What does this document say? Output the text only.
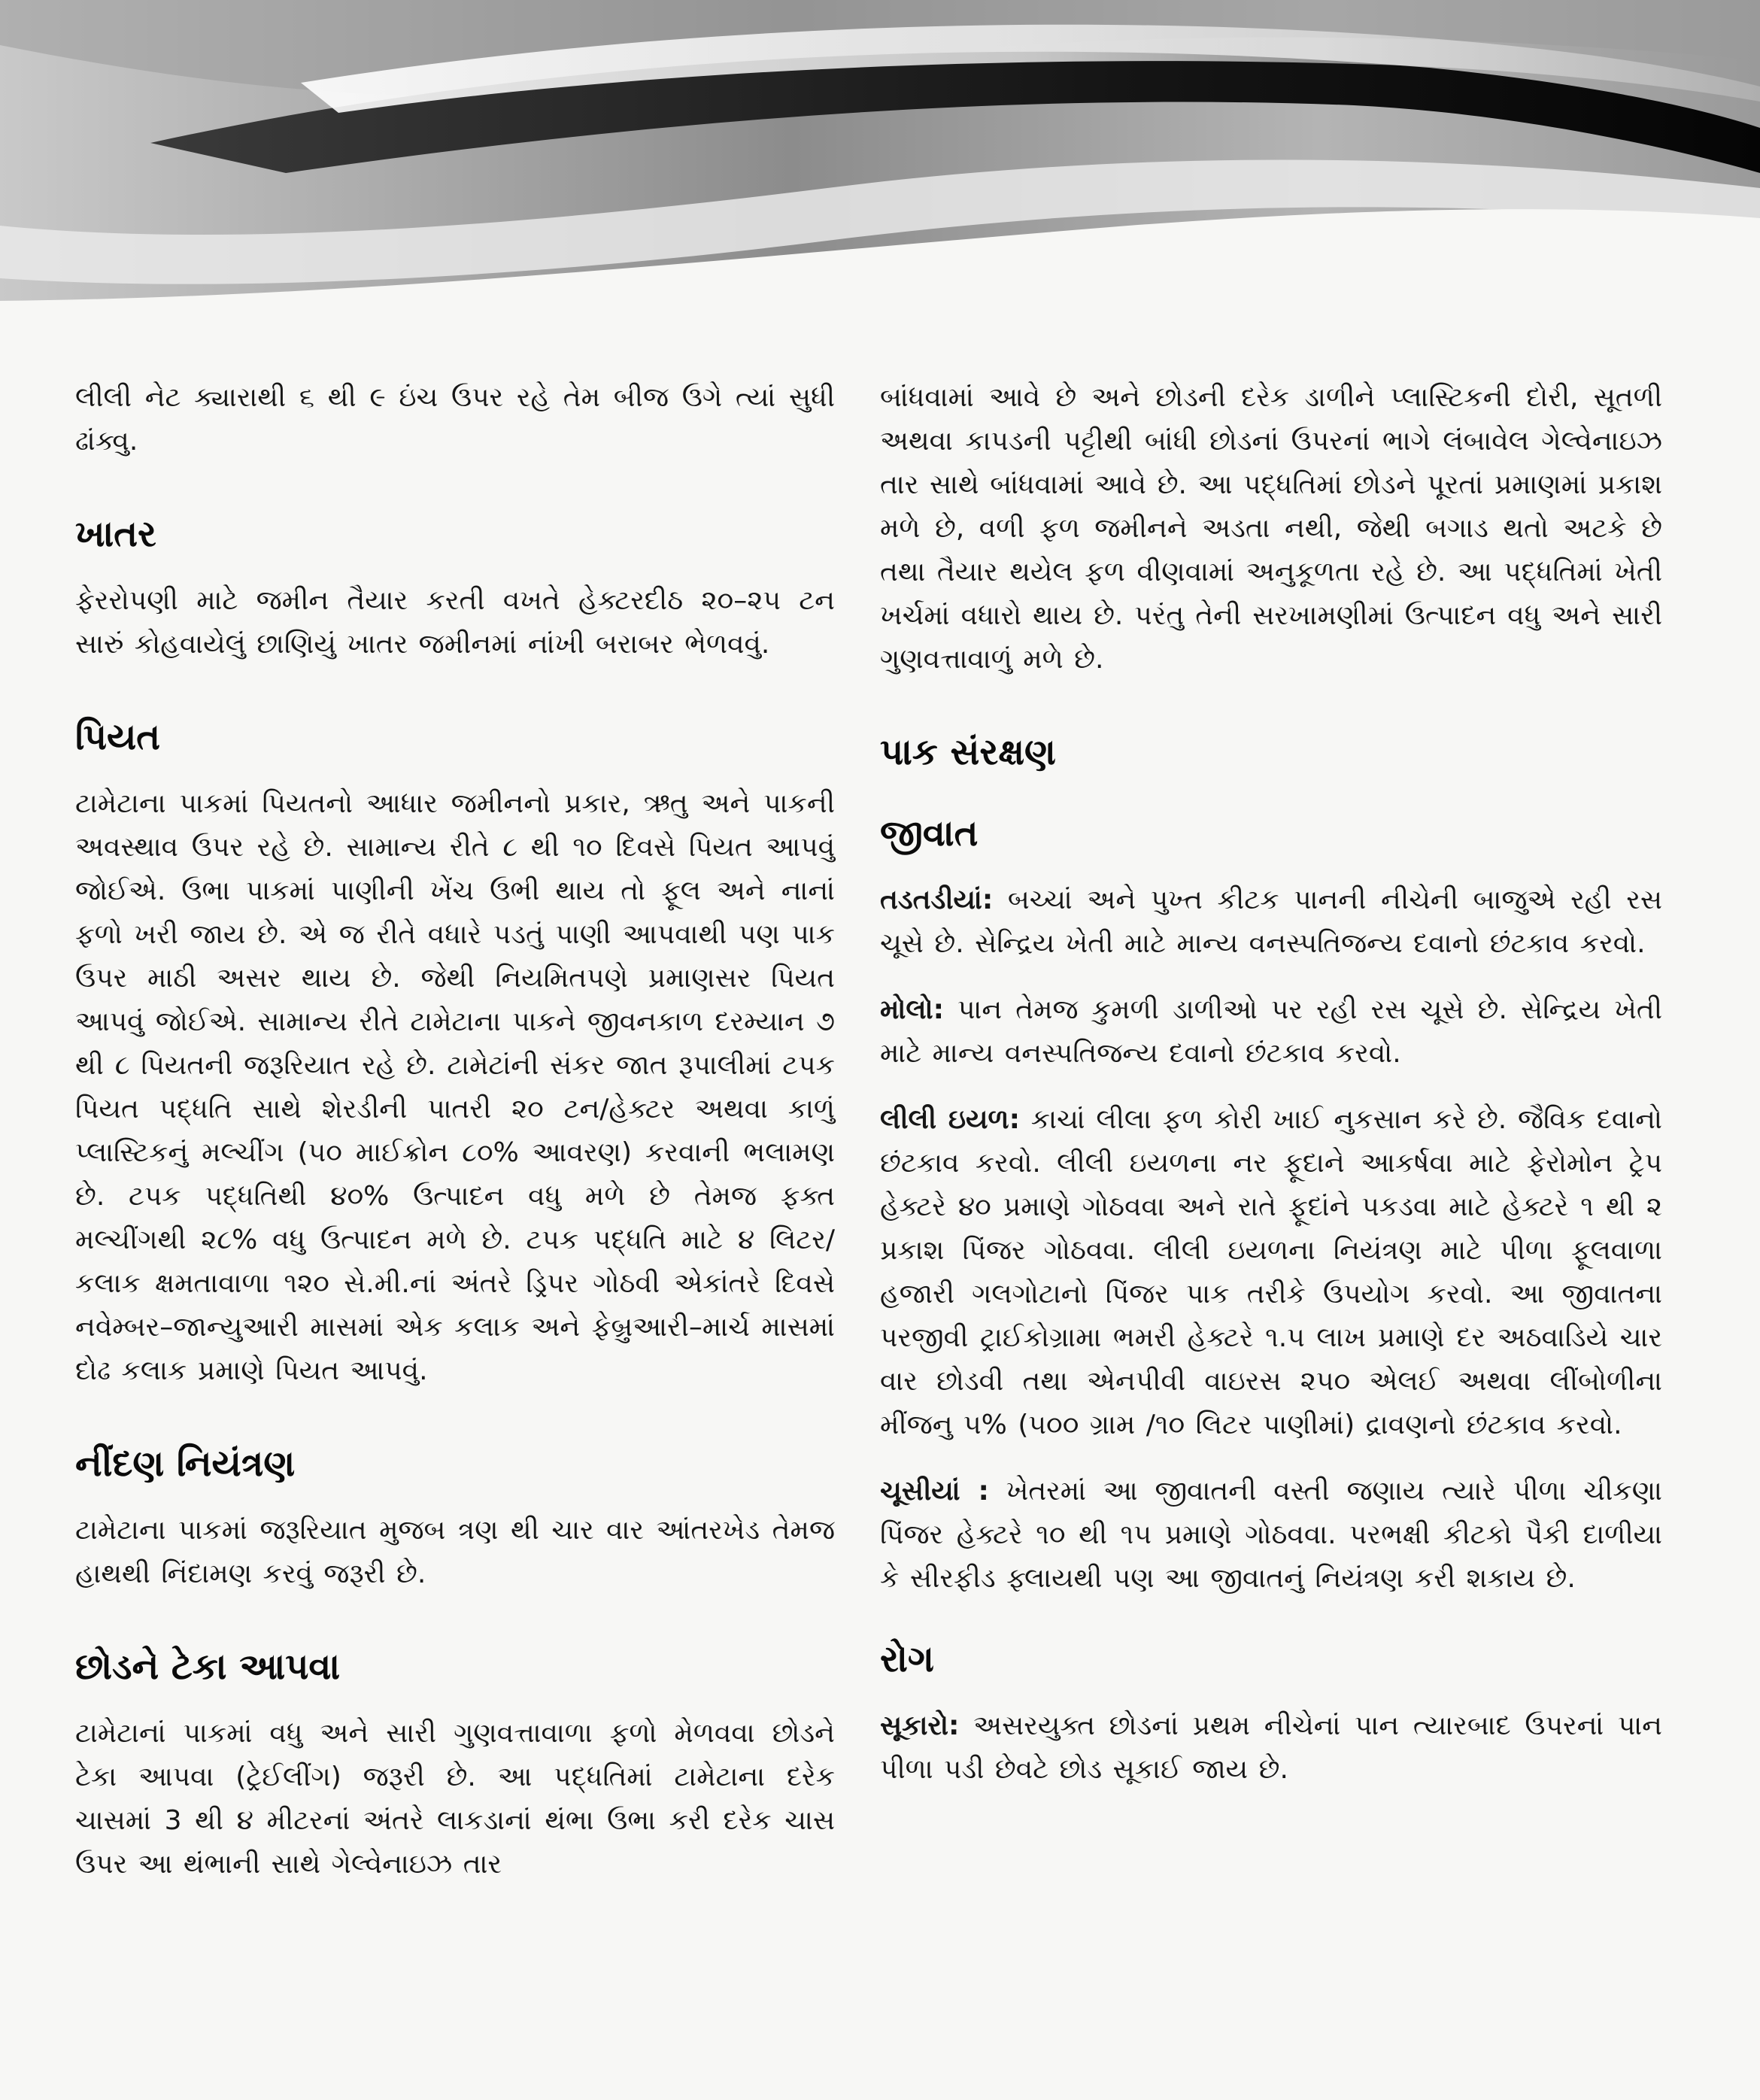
લીલી નેટ ક્યારાથી ૬ થી ૯ ઇંચ ઉપર રહે તેમ બીજ ઉગે ત્યાં સુધી ઢાંક્વુ.

ખાતર

ફેરરોપણી માટે જમીન તૈયાર કરતી વખતે હેક્ટરદીઠ ૨૦–૨૫ ટન સારું કોહવાયેલું છાણિયું ખાતર જમીનમાં નાંખી બરાબર ભેળવવું.

પિયત

ટામેટાના પાકમાં પિયતનો આધાર જમીનનો પ્રકાર, ઋતુ અને પાકની અવસ્થાવ ઉપર રહે છે. સામાન્ય રીતે ૮ થી ૧૦ દિવસે પિયત આપવું જોઈએ. ઉભા પાકમાં પાણીની ખેંચ ઉભી થાય તો ફૂલ અને નાનાં ફળો ખરી જાય છે. એ જ રીતે વધારે પડતું પાણી આપવાથી પણ પાક ઉપર માઠી અસર થાય છે. જેથી નિયમિતપણે પ્રમાણસર પિયત આપવું જોઈએ. સામાન્ય રીતે ટામેટાના પાકને જીવનકાળ દરમ્યાન ૭ થી ૮ પિયતની જરૂરિયાત રહે છે. ટામેટાંની સંકર જાત રૂપાલીમાં ટપક પિયત પદ્ધતિ સાથે શેરડીની પાતરી ૨૦ ટન/હેક્ટર અથવા કાળું પ્લાસ્ટિકનું મલ્ચીંગ (૫૦ માઈક્રોન ૮૦% આવરણ) કરવાની ભલામણ છે. ટપક પદ્ધતિથી ૪૦% ઉત્પાદન વધુ મળે છે તેમજ ફક્ત મલ્ચીંગથી ૨૮% વધુ ઉત્પાદન મળે છે. ટપક પદ્ધતિ માટે ૪ લિટર/કલાક ક્ષમતાવાળા ૧૨૦ સે.મી.નાં અંતરે ડ્રિપર ગોઠવી એકાંતરે દિવસે નવેમ્બર–જાન્યુઆરી માસમાં એક કલાક અને ફેબ્રુઆરી–માર્ચ માસમાં દોઢ કલાક પ્રમાણે પિયત આપવું.

નીંદણ નિયંત્રણ

ટામેટાના પાકમાં જરૂરિયાત મુજબ ત્રણ થી ચાર વાર આંતરખેડ તેમજ હાથથી નિંદામણ કરવું જરૂરી છે.

છોડને ટેકા આપવા

ટામેટાનાં પાકમાં વધુ અને સારી ગુણવત્તાવાળા ફળો મેળવવા છોડને ટેકા આપવા (ટ્રેઈલીંગ) જરૂરી છે. આ પદ્ધતિમાં ટામેટાના દરેક ચાસમાં 3 થી ૪ મીટરનાં અંતરે લાકડાનાં થંભા ઉભા કરી દરેક ચાસ ઉપર આ થંભાની સાથે ગેલ્વેનાઇઝ તાર

બાંધવામાં આવે છે અને છોડની દરેક ડાળીને પ્લાસ્ટિકની દોરી, સૂતળી અથવા કાપડની પટ્ટીથી બાંધી છોડનાં ઉપરનાં ભાગે લંબાવેલ ગેલ્વેનાઇઝ તાર સાથે બાંધવામાં આવે છે. આ પદ્ધતિમાં છોડને પૂરતાં પ્રમાણમાં પ્રકાશ મળે છે, વળી ફળ જમીનને અડતા નથી, જેથી બગાડ થતો અટકે છે તથા તૈયાર થયેલ ફળ વીણવામાં અનુકૂળતા રહે છે. આ પદ્ધતિમાં ખેતી ખર્ચમાં વધારો થાય છે. પરંતુ તેની સરખામણીમાં ઉત્પાદન વધુ અને સારી ગુણવત્તાવાળું મળે છે.

પાક સંરક્ષણ
જીવાત

તડતડીયાં: બચ્ચાં અને પુખ્ત કીટક પાનની નીચેની બાજુએ રહી રસ ચૂસે છે. સેન્દ્રિય ખેતી માટે માન્ય વનસ્પતિજન્ય દવાનો છંટકાવ કરવો.

મોલો: પાન તેમજ કુમળી ડાળીઓ પર રહી રસ ચૂસે છે. સેન્દ્રિય ખેતી માટે માન્ય વનસ્પતિજન્ય દવાનો છંટકાવ કરવો.

લીલી ઇયળ: કાચાં લીલા ફળ કોરી ખાઈ નુકસાન કરે છે. જૈવિક દવાનો છંટકાવ કરવો. લીલી ઇયળના નર ફૂદાને આકર્ષવા માટે ફેરોમોન ટ્રેપ હેક્ટરે ૪૦ પ્રમાણે ગોઠવવા અને રાતે ફૂદાંને પકડવા માટે હેક્ટરે ૧ થી ૨ પ્રકાશ પિંજર ગોઠવવા. લીલી ઇયળના નિયંત્રણ માટે પીળા ફૂલવાળા હજારી ગલગોટાનો પિંજર પાક તરીકે ઉપયોગ કરવો. આ જીવાતના પરજીવી ટ્રાઈકોગ્રામા ભમરી હેક્ટરે ૧.૫ લાખ પ્રમાણે દર અઠવાડિયે ચાર વાર છોડવી તથા એનપીવી વાઇરસ ૨૫૦ એલઈ અથવા લીંબોળીના મીંજનુ ૫% (૫૦૦ ગ્રામ /૧૦ લિટર પાણીમાં) દ્રાવણનો છંટકાવ કરવો.

ચૂસીયાં : ખેતરમાં આ જીવાતની વસ્તી જણાય ત્યારે પીળા ચીકણા પિંજર હેક્ટરે ૧૦ થી ૧૫ પ્રમાણે ગોઠવવા. પરભક્ષી કીટકો પૈકી દાળીયા કે સીરફીડ ફ્લાયથી પણ આ જીવાતનું નિયંત્રણ કરી શકાય છે.

રોગ

સૂકારો: અસરયુક્ત છોડનાં પ્રથમ નીચેનાં પાન ત્યારબાદ ઉપરનાં પાન પીળા પડી છેવટે છોડ સૂકાઈ જાય છે.
